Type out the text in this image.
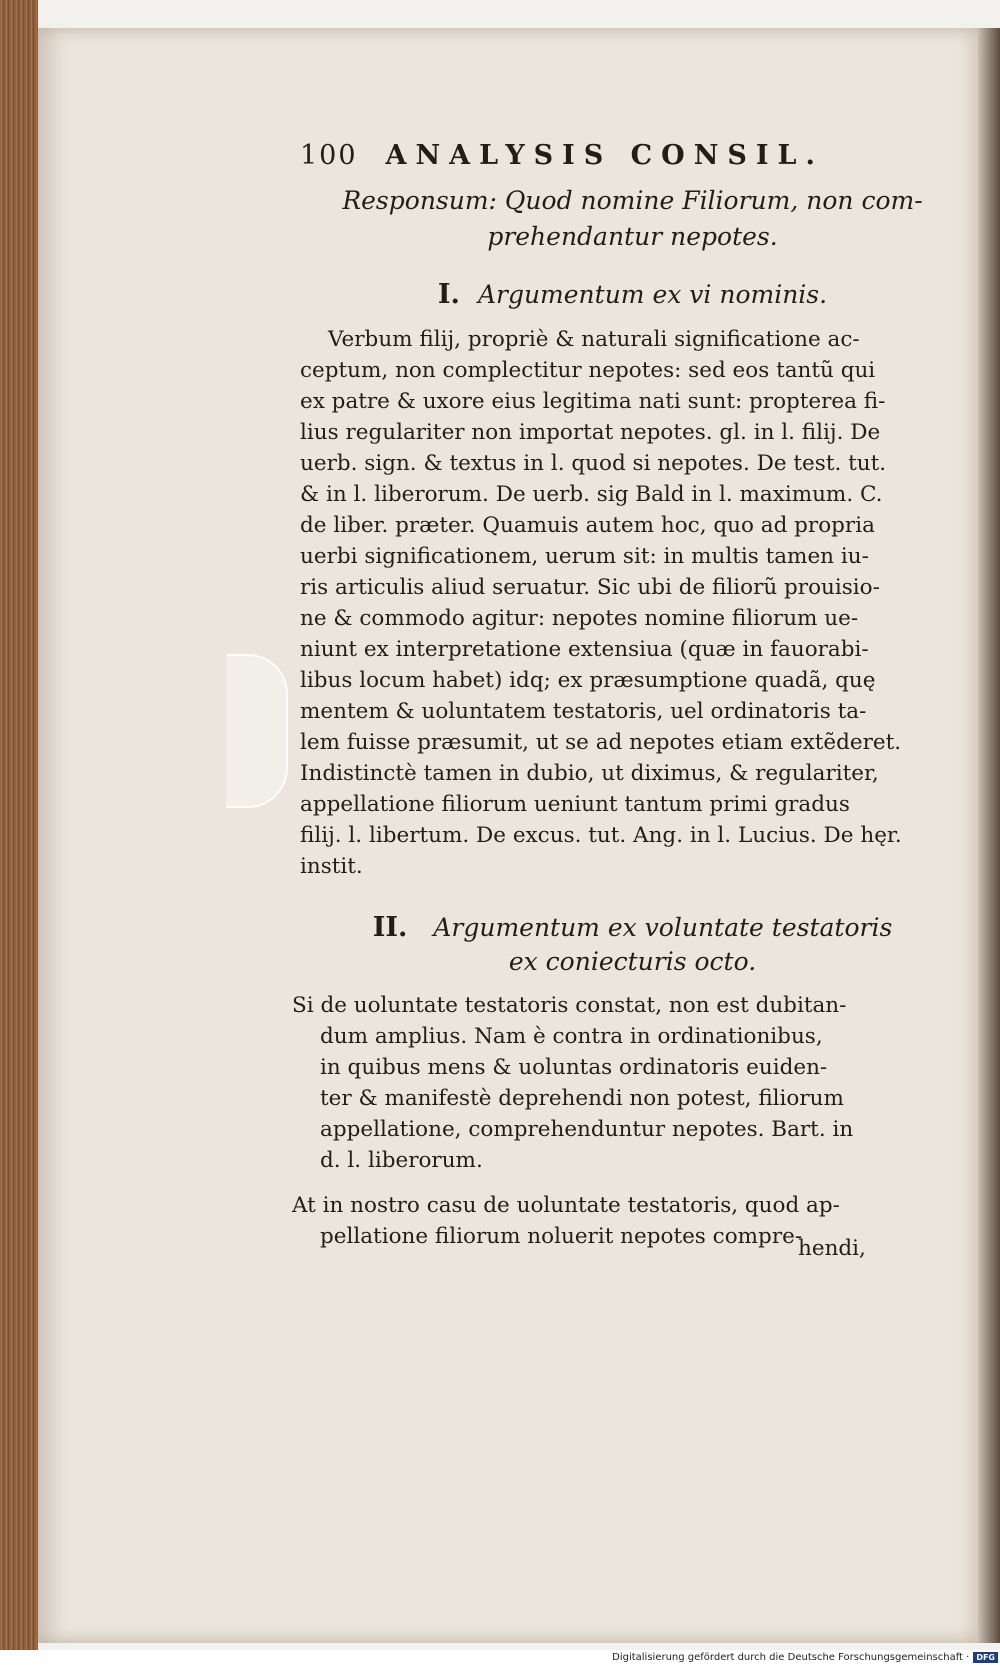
100 ANALYSIS CONSIL.
Responsum: Quod nomine Filiorum, non com-
prehendantur nepotes.
I. Argumentum ex vi nominis.
Verbum filij, propriè & naturali significatione ac-
ceptum, non complectitur nepotes: sed eos tantũ qui
ex patre & uxore eius legitima nati sunt: propterea fi-
lius regulariter non importat nepotes. gl. in l. filij. De
uerb. sign. & textus in l. quod si nepotes. De test. tut.
& in l. liberorum. De uerb. sig Bald in l. maximum. C.
de liber. præter. Quamuis autem hoc, quo ad propria
uerbi significationem, uerum sit: in multis tamen iu-
ris articulis aliud seruatur. Sic ubi de filiorũ prouisio-
ne & commodo agitur: nepotes nomine filiorum ue-
niunt ex interpretatione extensiua (quæ in fauorabi-
libus locum habet) idq; ex præsumptione quadã, quę
mentem & uoluntatem testatoris, uel ordinatoris ta-
lem fuisse præsumit, ut se ad nepotes etiam extẽderet.
Indistinctè tamen in dubio, ut diximus, & regulariter,
appellatione filiorum ueniunt tantum primi gradus
filij. l. libertum. De excus. tut. Ang. in l. Lucius. De hęr.
instit.
II. Argumentum ex voluntate testatoris
ex coniecturis octo.
Si de uoluntate testatoris constat, non est dubitan-
dum amplius. Nam è contra in ordinationibus,
in quibus mens & uoluntas ordinatoris euiden-
ter & manifestè deprehendi non potest, filiorum
appellatione, comprehenduntur nepotes. Bart. in
d. l. liberorum.
At in nostro casu de uoluntate testatoris, quod ap-
pellatione filiorum noluerit nepotes compre-
hendi,
Digitalisierung gefördert durch die Deutsche Forschungsgemeinschaft · DFG
